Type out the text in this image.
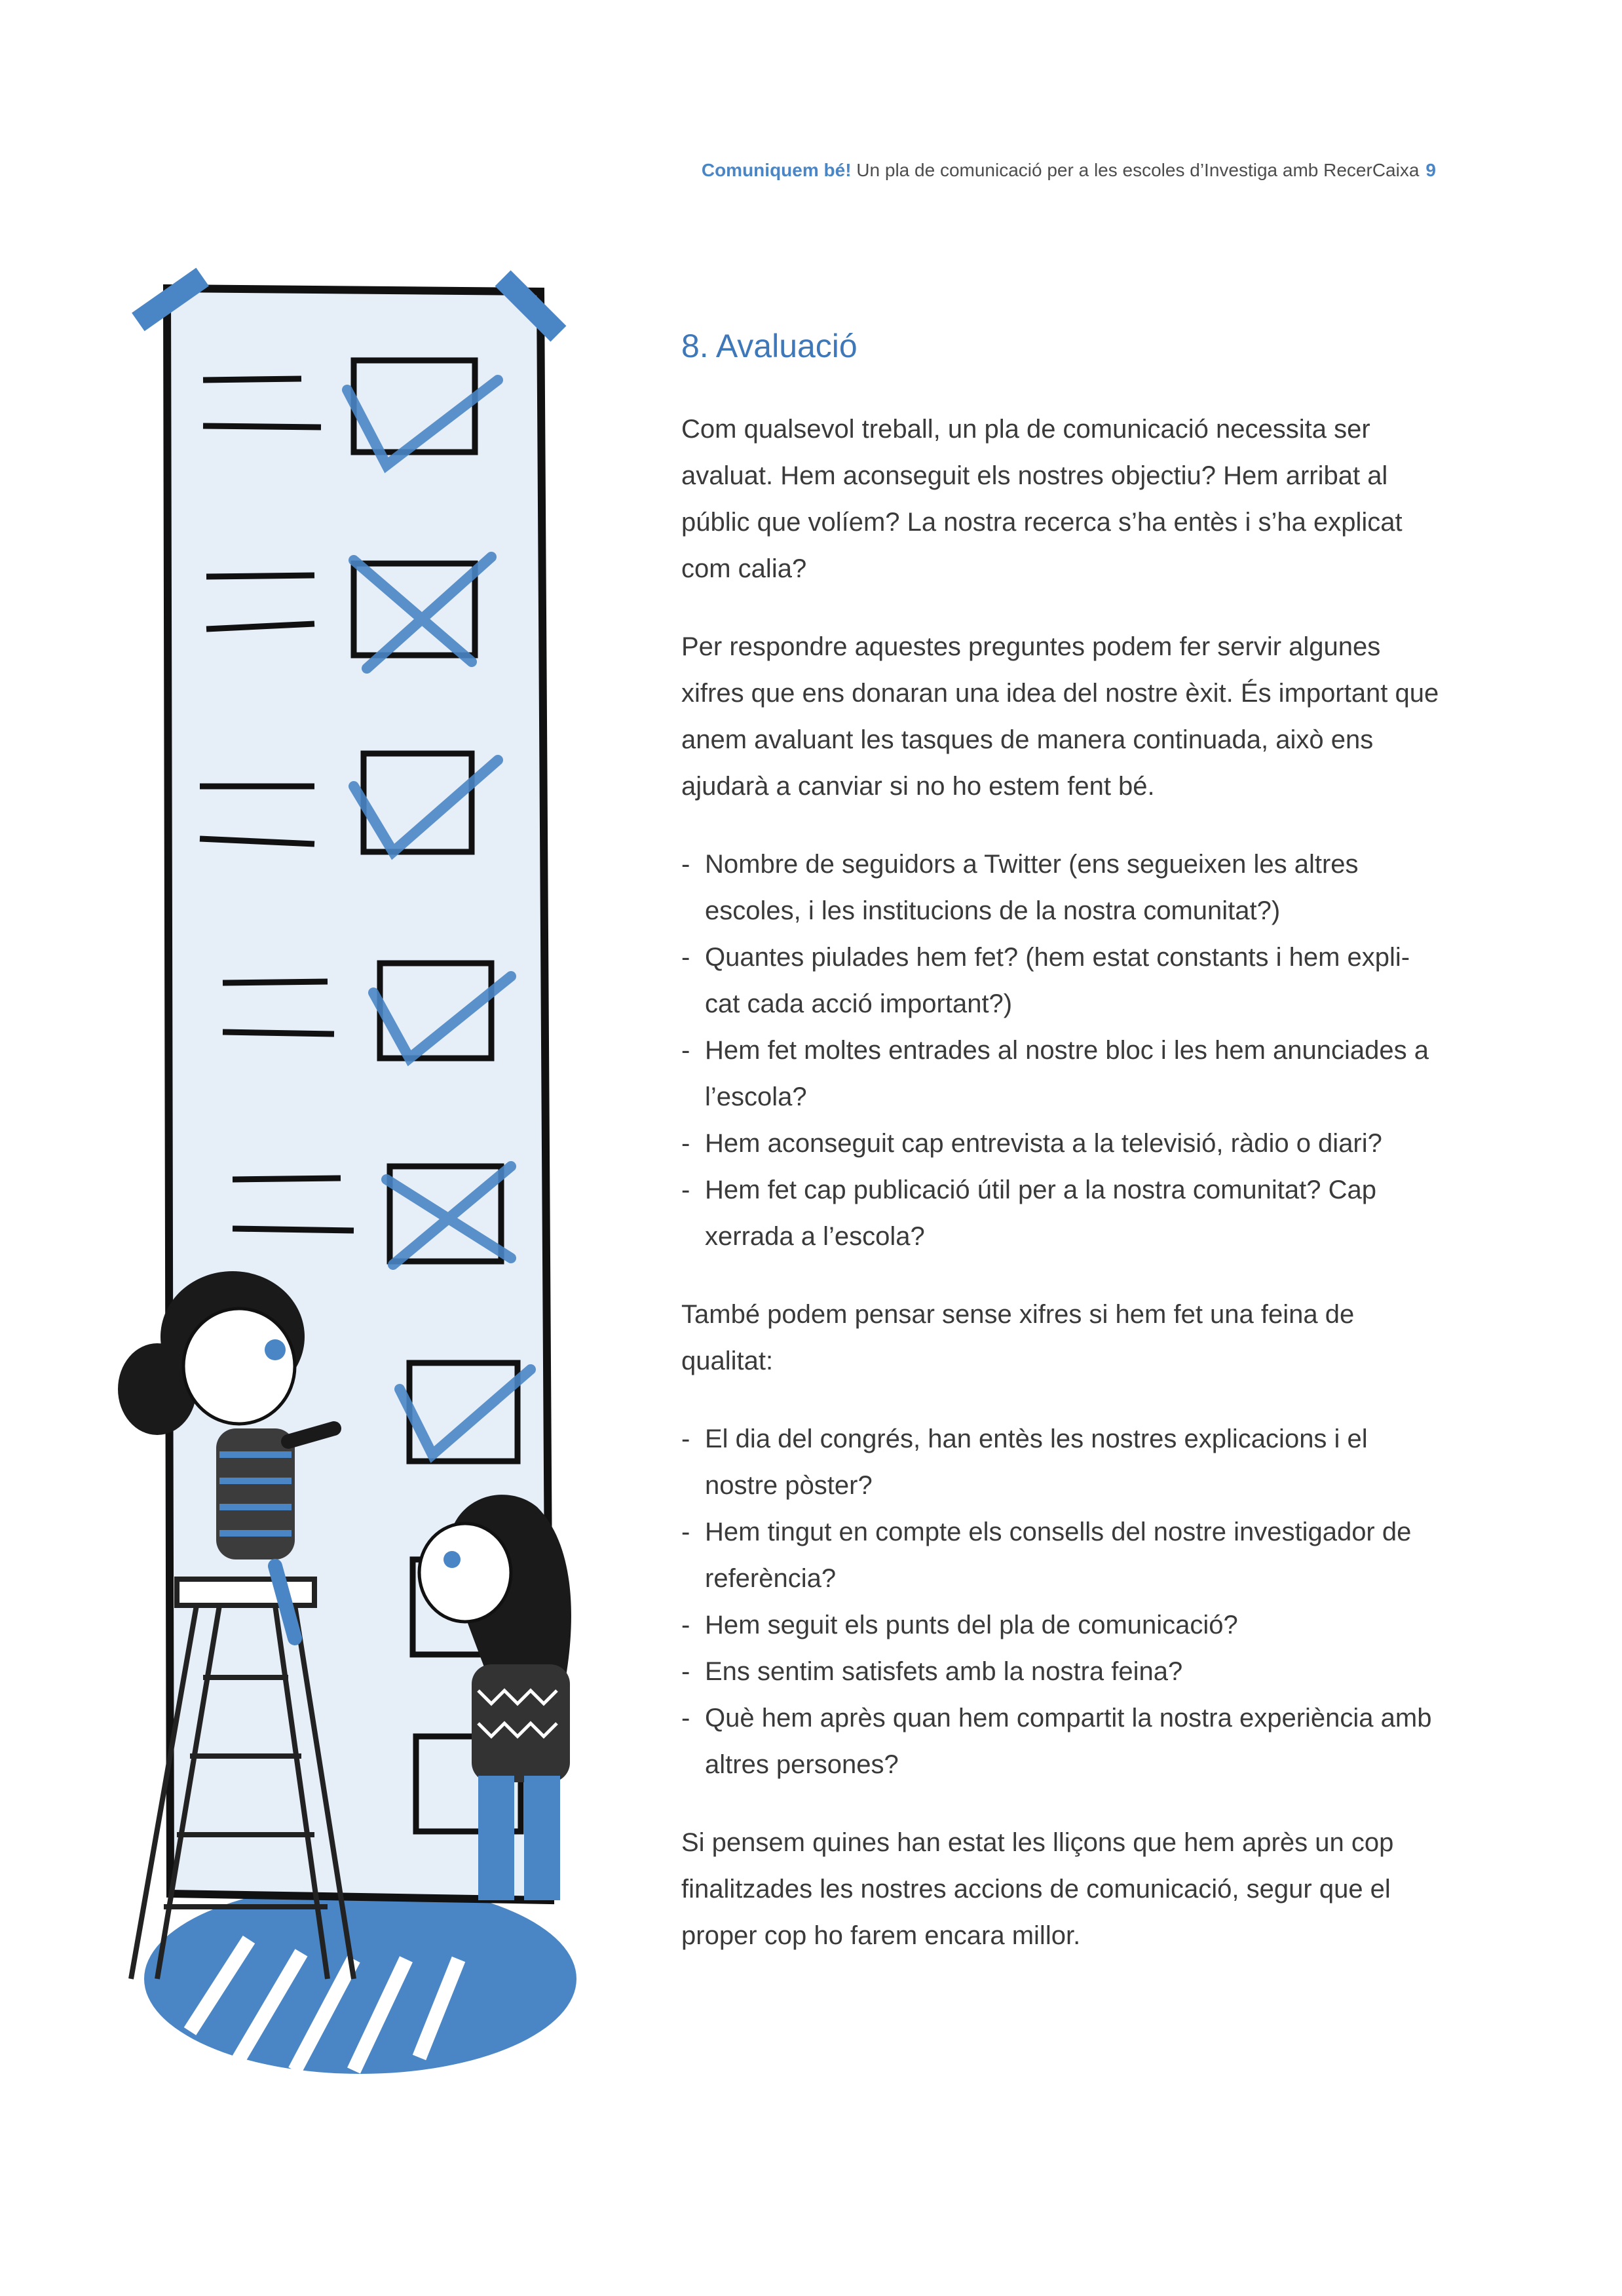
Comuniquem bé! Un pla de comunicació per a les escoles d’Investiga amb RecerCaixa 9
8. Avaluació

Com qualsevol treball, un pla de comunicació necessita ser avaluat. Hem aconseguit els nostres objectiu? Hem arribat al públic que volíem? La nostra recerca s’ha entès i s’ha explicat com calia?

Per respondre aquestes preguntes podem fer servir algunes xifres que ens donaran una idea del nostre èxit. És important que anem avaluant les tasques de manera continuada, això ens ajudarà a canviar si no ho estem fent bé.

- Nombre de seguidors a Twitter (ens segueixen les altres escoles, i les institucions de la nostra comunitat?)
- Quantes piulades hem fet? (hem estat constants i hem expli-cat cada acció important?)
- Hem fet moltes entrades al nostre bloc i les hem anunciades a l’escola?
- Hem aconseguit cap entrevista a la televisió, ràdio o diari?
- Hem fet cap publicació útil per a la nostra comunitat? Cap xerrada a l’escola?

També podem pensar sense xifres si hem fet una feina de qualitat:

- El dia del congrés, han entès les nostres explicacions i el nostre pòster?
- Hem tingut en compte els consells del nostre investigador de referència?
- Hem seguit els punts del pla de comunicació?
- Ens sentim satisfets amb la nostra feina?
- Què hem après quan hem compartit la nostra experiència amb altres persones?

Si pensem quines han estat les lliçons que hem après un cop finalitzades les nostres accions de comunicació, segur que el proper cop ho farem encara millor.
